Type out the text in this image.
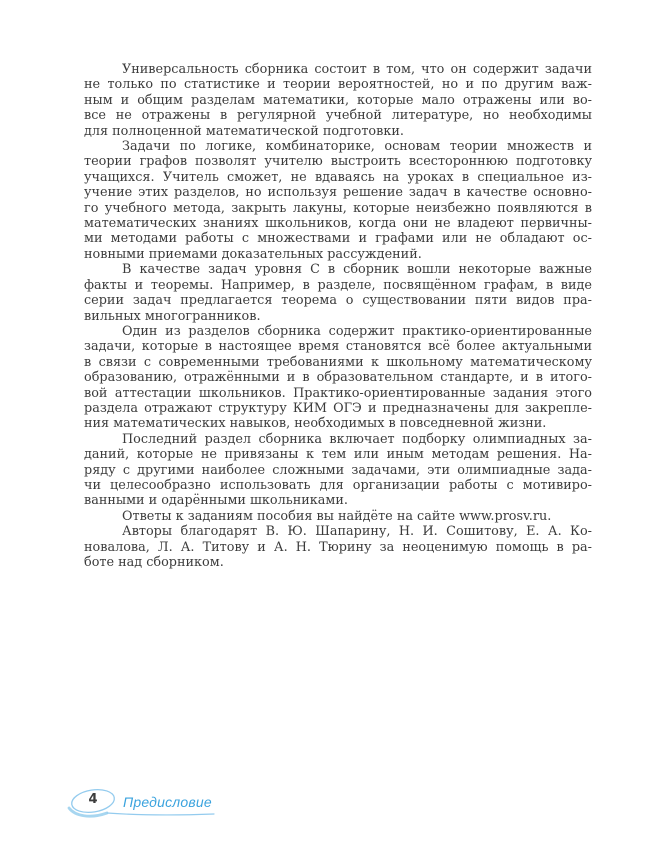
Универсальность сборника состоит в том, что он содержит задачи
не только по статистике и теории вероятностей, но и по другим важ-
ным и общим разделам математики, которые мало отражены или во-
все не отражены в регулярной учебной литературе, но необходимы
для полноценной математической подготовки.

Задачи по логике, комбинаторике, основам теории множеств и
теории графов позволят учителю выстроить всестороннюю подготовку
учащихся. Учитель сможет, не вдаваясь на уроках в специальное из-
учение этих разделов, но используя решение задач в качестве основно-
го учебного метода, закрыть лакуны, которые неизбежно появляются в
математических знаниях школьников, когда они не владеют первичны-
ми методами работы с множествами и графами или не обладают ос-
новными приемами доказательных рассуждений.

В качестве задач уровня С в сборник вошли некоторые важные
факты и теоремы. Например, в разделе, посвящённом графам, в виде
серии задач предлагается теорема о существовании пяти видов пра-
вильных многогранников.

Один из разделов сборника содержит практико-ориентированные
задачи, которые в настоящее время становятся всё более актуальными
в связи с современными требованиями к школьному математическому
образованию, отражёнными и в образовательном стандарте, и в итого-
вой аттестации школьников. Практико-ориентированные задания этого
раздела отражают структуру КИМ ОГЭ и предназначены для закрепле-
ния математических навыков, необходимых в повседневной жизни.

Последний раздел сборника включает подборку олимпиадных за-
даний, которые не привязаны к тем или иным методам решения. На-
ряду с другими наиболее сложными задачами, эти олимпиадные зада-
чи целесообразно использовать для организации работы с мотивиро-
ванными и одарёнными школьниками.

Ответы к заданиям пособия вы найдёте на сайте www.prosv.ru.

Авторы благодарят В. Ю. Шапарину, Н. И. Сошитову, Е. А. Ко-
новалова, Л. А. Титову и А. Н. Тюрину за неоценимую помощь в ра-
боте над сборником.

4	Предисловие
